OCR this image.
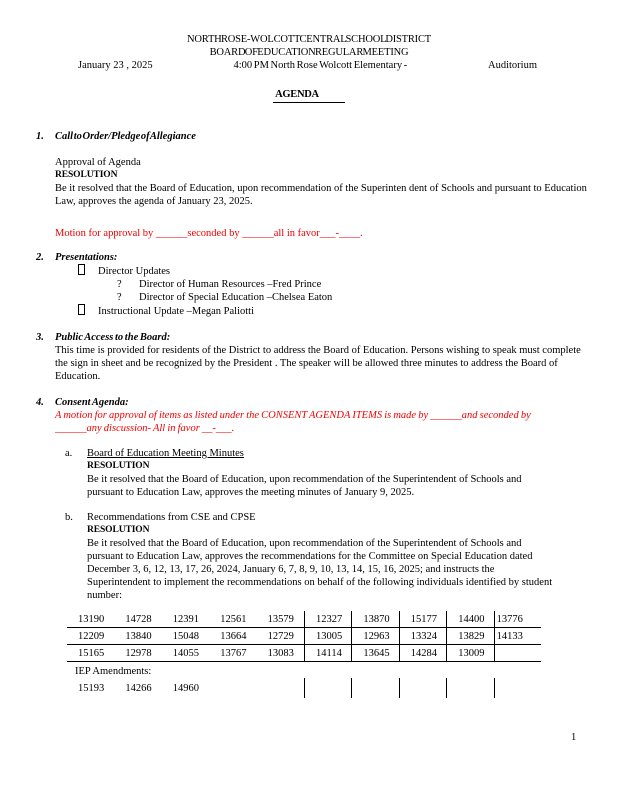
NORTH ROSE-WOLCOTT CENTRAL SCHOOL DISTRICT
BOARD OF EDUCATION REGULAR MEETING
January 23 , 2025	4:00 PM North Rose Wolcott Elementary -	Auditorium
AGENDA
1. Call to Order/Pledge of Allegiance
Approval of Agenda
RESOLUTION
Be it resolved that the Board of Education, upon recommendation of the Superinten dent of Schools and pursuant to Education Law, approves the agenda of January 23, 2025.
Motion for approval by ______seconded by ______all in favor___-____.
2. Presentations:
Director Updates
? Director of Human Resources –Fred Prince
? Director of Special Education –Chelsea Eaton
Instructional Update –Megan Paliotti
3. Public Access to the Board:
This time is provided for residents of the District to address the Board of Education. Persons wishing to speak must complete the sign in sheet and be recognized by the President . The speaker will be allowed three minutes to address the Board of Education.
4. Consent Agenda:
A motion for approval of items as listed under the CONSENT AGENDA ITEMS is made by ______and seconded by ______any discussion- All in favor __-___.
a. Board of Education Meeting Minutes
RESOLUTION
Be it resolved that the Board of Education, upon recommendation of the Superintendent of Schools and pursuant to Education Law, approves the meeting minutes of January 9, 2025.
b. Recommendations from CSE and CPSE
RESOLUTION
Be it resolved that the Board of Education, upon recommendation of the Superintendent of Schools and pursuant to Education Law, approves the recommendations for the Committee on Special Education dated December 3, 6, 12, 13, 17, 26, 2024, January 6, 7, 8, 9, 10, 13, 14, 15, 16, 2025; and instructs the Superintendent to implement the recommendations on behalf of the following individuals identified by student number:
13190	14728	12391	12561	13579	12327	13870	15177	14400	13776
12209	13840	15048	13664	12729	13005	12963	13324	13829	14133
15165	12978	14055	13767	13083	14114	13645	14284	13009
IEP Amendments:
15193	14266	14960
1
